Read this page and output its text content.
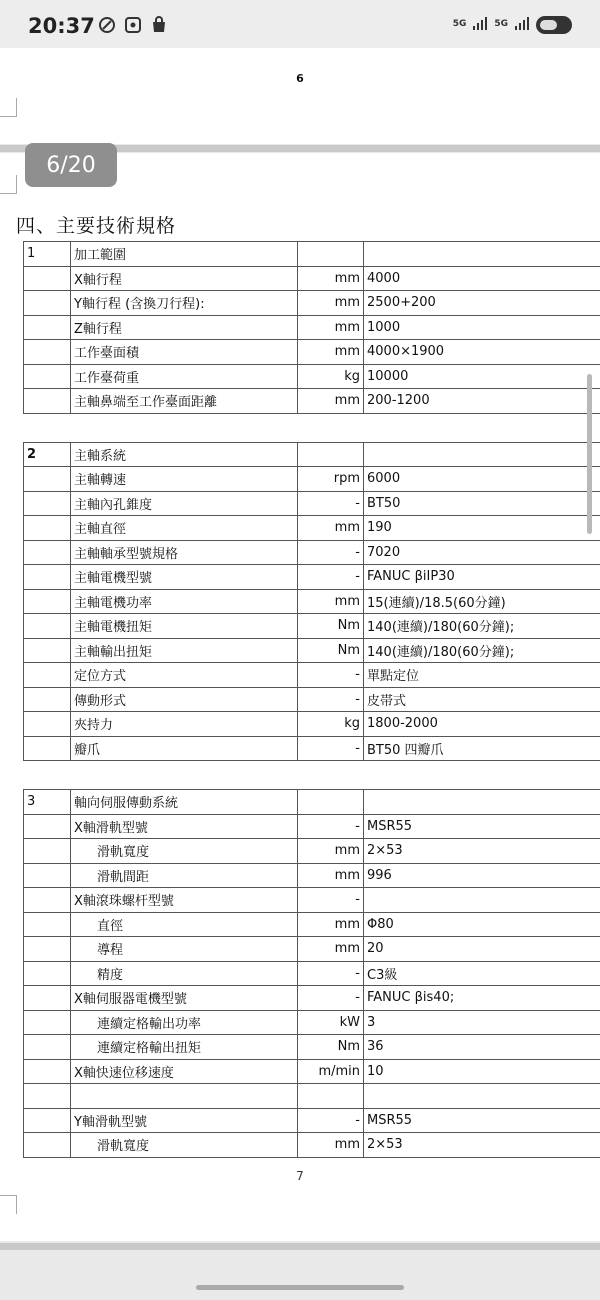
20:37	5G	5G
6
四、主要技術規格
1	加工範圍		
	X軸行程	mm	4000
	Y軸行程 (含換刀行程):	mm	2500+200
	Z軸行程	mm	1000
	工作臺面積	mm	4000×1900
	工作臺荷重	kg	10000
	主軸鼻端至工作臺面距離	mm	200-1200

2	主軸系統		
	主軸轉速	rpm	6000
	主軸內孔錐度	-	BT50
	主軸直徑	mm	190
	主軸軸承型號規格	-	7020
	主軸電機型號	-	FANUC βiIP30
	主軸電機功率	mm	15(連續)/18.5(60分鐘)
	主軸電機扭矩	Nm	140(連續)/180(60分鐘);
	主軸輸出扭矩	Nm	140(連續)/180(60分鐘);
	定位方式	-	單點定位
	傳動形式	-	皮帯式
	夾持力	kg	1800-2000
	瓣爪	-	BT50 四瓣爪

3	軸向伺服傳動系統		
	X軸滑軌型號	-	MSR55
	滑軌寬度	mm	2×53
	滑軌間距	mm	996
	X軸滾珠螺杆型號	-	
	直徑	mm	Φ80
	導程	mm	20
	精度	-	C3級
	X軸伺服器電機型號	-	FANUC βis40;
	連續定格輸出功率	kW	3
	連續定格輸出扭矩	Nm	36
	X軸快速位移速度	m/min	10

	Y軸滑軌型號	-	MSR55
	滑軌寬度	mm	2×53
7
6/20
